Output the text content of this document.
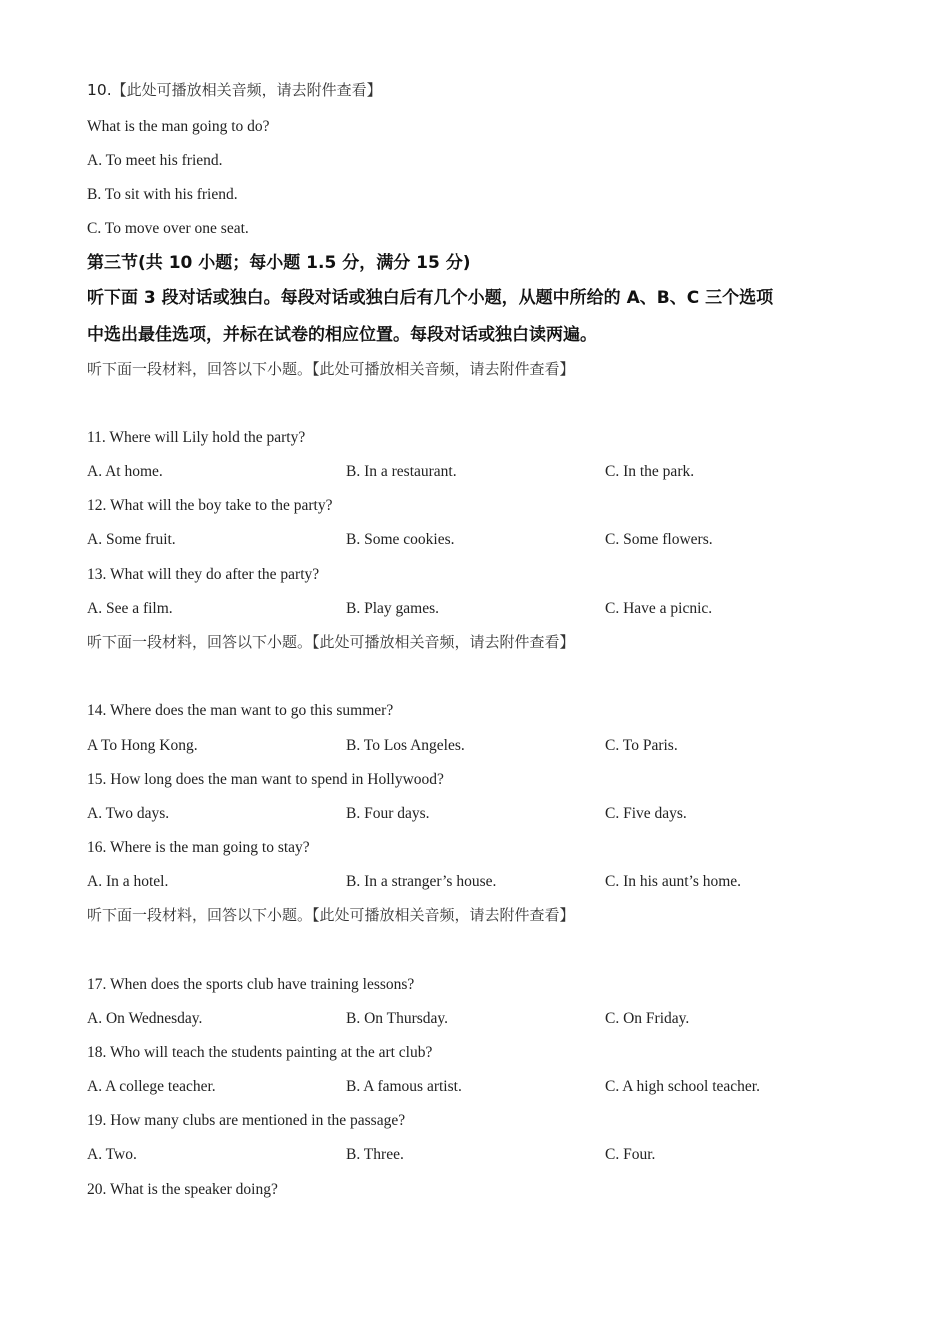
10.【此处可播放相关音频，请去附件查看】
What is the man going to do?
A. To meet his friend.
B. To sit with his friend.
C. To move over one seat.
第三节(共 10 小题；每小题 1.5 分，满分 15 分)
听下面 3 段对话或独白。每段对话或独白后有几个小题，从题中所给的 A、B、C 三个选项
中选出最佳选项，并标在试卷的相应位置。每段对话或独白读两遍。
听下面一段材料，回答以下小题。【此处可播放相关音频，请去附件查看】
11. Where will Lily hold the party?
A. At home.	B. In a restaurant.	C. In the park.
12. What will the boy take to the party?
A. Some fruit.	B. Some cookies.	C. Some flowers.
13. What will they do after the party?
A. See a film.	B. Play games.	C. Have a picnic.
听下面一段材料，回答以下小题。【此处可播放相关音频，请去附件查看】
14. Where does the man want to go this summer?
A To Hong Kong.	B. To Los Angeles.	C. To Paris.
15. How long does the man want to spend in Hollywood?
A. Two days.	B. Four days.	C. Five days.
16. Where is the man going to stay?
A. In a hotel.	B. In a stranger’s house.	C. In his aunt’s home.
听下面一段材料，回答以下小题。【此处可播放相关音频，请去附件查看】
17. When does the sports club have training lessons?
A. On Wednesday.	B. On Thursday.	C. On Friday.
18. Who will teach the students painting at the art club?
A. A college teacher.	B. A famous artist.	C. A high school teacher.
19. How many clubs are mentioned in the passage?
A. Two.	B. Three.	C. Four.
20. What is the speaker doing?
